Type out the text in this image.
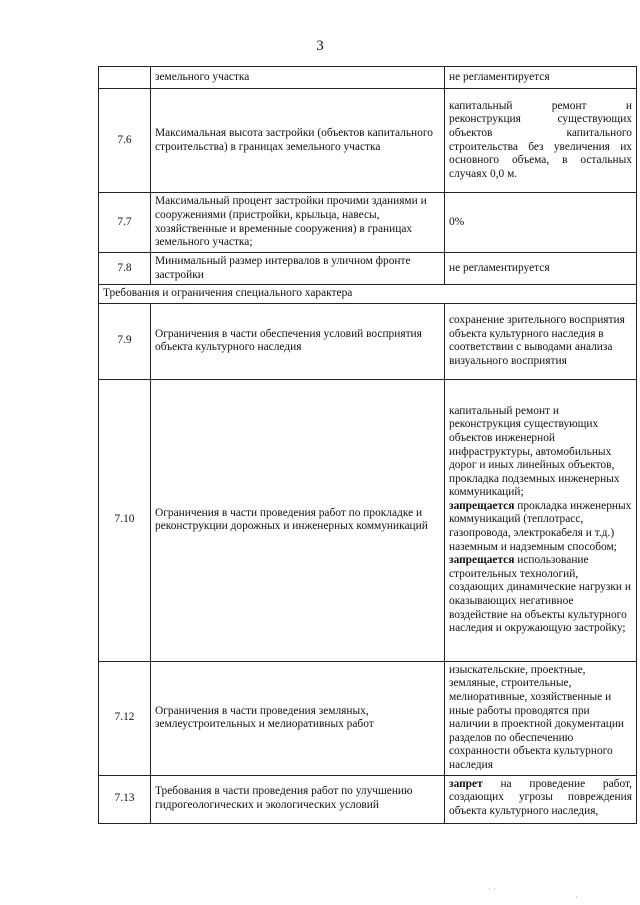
3
	земельного участка	не регламентируется
7.6	Максимальная высота застройки (объектов капитального строительства) в границах земельного участка	капитальный ремонт и реконструкция существующих объектов капитального строительства без увеличения их основного объема, в остальных случаях 0,0 м.
7.7	Максимальный процент застройки прочими зданиями и сооружениями (пристройки, крыльца, навесы, хозяйственные и временные сооружения) в границах земельного участка;	0%
7.8	Минимальный размер интервалов в уличном фронте застройки	не регламентируется
Требования и ограничения специального характера		
7.9	Ограничения в части обеспечения условий восприятия объекта культурного наследия	сохранение зрительного восприятия объекта культурного наследия в соответствии с выводами анализа визуального восприятия
7.10	Ограничения в части проведения работ по прокладке и реконструкции дорожных и инженерных коммуникаций	капитальный ремонт и реконструкция существующих объектов инженерной инфраструктуры, автомобильных дорог и иных линейных объектов, прокладка подземных инженерных коммуникаций;
запрещается прокладка инженерных коммуникаций (теплотрасс, газопровода, электрокабеля и т.д.) наземным и надземным способом;
запрещается использование строительных технологий, создающих динамические нагрузки и оказывающих негативное воздействие на объекты культурного наследия и окружающую застройку;
7.12	Ограничения в части проведения земляных, землеустроительных и мелиоративных работ	изыскательские, проектные, земляные, строительные, мелиоративные, хозяйственные и иные работы проводятся при наличии в проектной документации разделов по обеспечению сохранности объекта культурного наследия
7.13	Требования в части проведения работ по улучшению гидрогеологических и экологических условий	запрет на проведение работ, создающих угрозы повреждения объекта культурного наследия,
· ·
·
